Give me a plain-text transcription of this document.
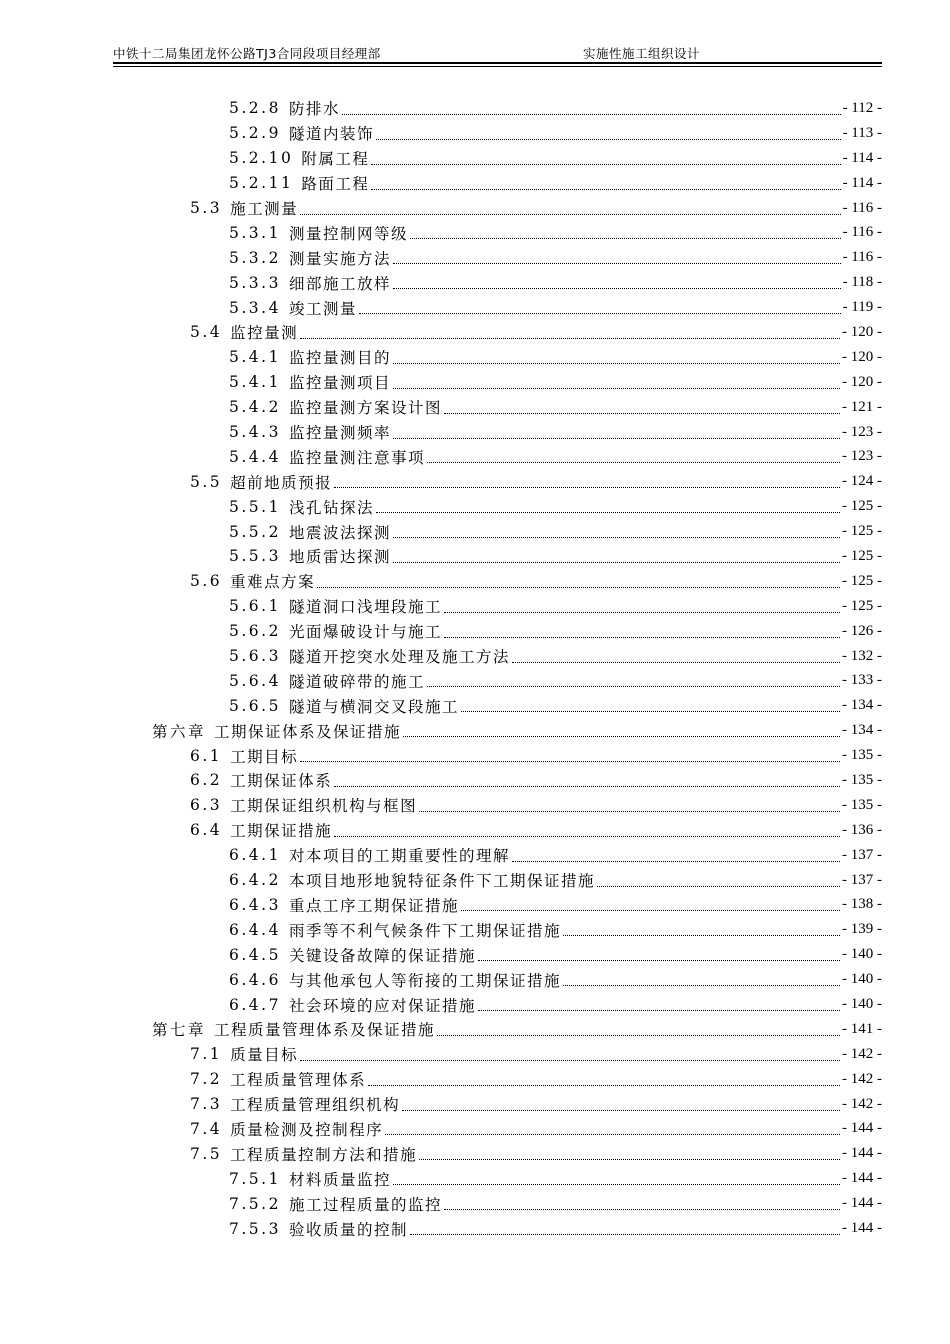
中铁十二局集团龙怀公路TJ3合同段项目经理部	实施性施工组织设计
5.2.8 防排水	- 112 -
5.2.9 隧道内装饰	- 113 -
5.2.10 附属工程	- 114 -
5.2.11 路面工程	- 114 -
5.3 施工测量	- 116 -
5.3.1 测量控制网等级	- 116 -
5.3.2 测量实施方法	- 116 -
5.3.3 细部施工放样	- 118 -
5.3.4 竣工测量	- 119 -
5.4 监控量测	- 120 -
5.4.1 监控量测目的	- 120 -
5.4.1 监控量测项目	- 120 -
5.4.2 监控量测方案设计图	- 121 -
5.4.3 监控量测频率	- 123 -
5.4.4 监控量测注意事项	- 123 -
5.5 超前地质预报	- 124 -
5.5.1 浅孔钻探法	- 125 -
5.5.2 地震波法探测	- 125 -
5.5.3 地质雷达探测	- 125 -
5.6 重难点方案	- 125 -
5.6.1 隧道洞口浅埋段施工	- 125 -
5.6.2 光面爆破设计与施工	- 126 -
5.6.3 隧道开挖突水处理及施工方法	- 132 -
5.6.4 隧道破碎带的施工	- 133 -
5.6.5 隧道与横洞交叉段施工	- 134 -
第六章 工期保证体系及保证措施	- 134 -
6.1 工期目标	- 135 -
6.2 工期保证体系	- 135 -
6.3 工期保证组织机构与框图	- 135 -
6.4 工期保证措施	- 136 -
6.4.1 对本项目的工期重要性的理解	- 137 -
6.4.2 本项目地形地貌特征条件下工期保证措施	- 137 -
6.4.3 重点工序工期保证措施	- 138 -
6.4.4 雨季等不利气候条件下工期保证措施	- 139 -
6.4.5 关键设备故障的保证措施	- 140 -
6.4.6 与其他承包人等衔接的工期保证措施	- 140 -
6.4.7 社会环境的应对保证措施	- 140 -
第七章 工程质量管理体系及保证措施	- 141 -
7.1 质量目标	- 142 -
7.2 工程质量管理体系	- 142 -
7.3 工程质量管理组织机构	- 142 -
7.4 质量检测及控制程序	- 144 -
7.5 工程质量控制方法和措施	- 144 -
7.5.1 材料质量监控	- 144 -
7.5.2 施工过程质量的监控	- 144 -
7.5.3 验收质量的控制	- 144 -
